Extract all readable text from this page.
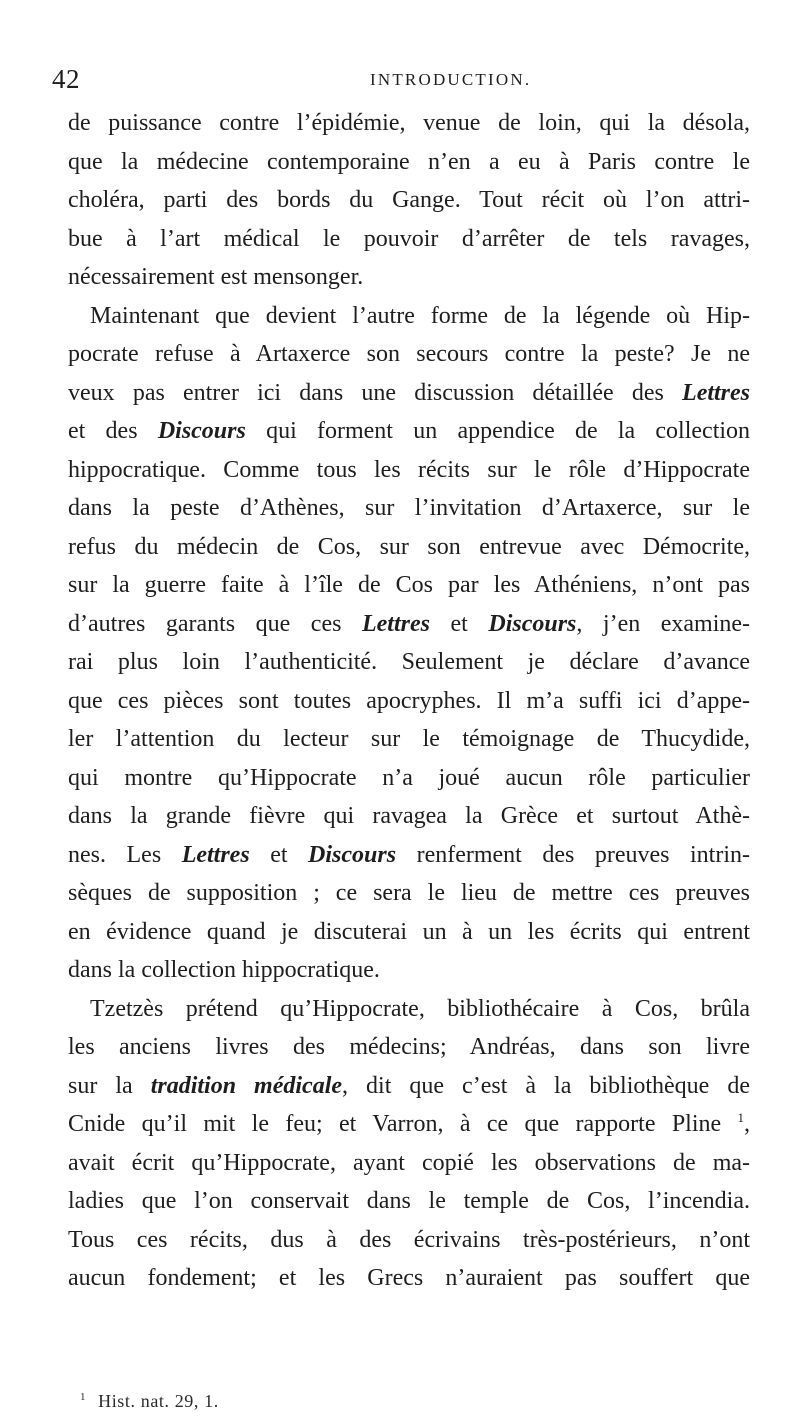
42	INTRODUCTION.
de puissance contre l’épidémie, venue de loin, qui la désola,
que la médecine contemporaine n’en a eu à Paris contre le
choléra, parti des bords du Gange. Tout récit où l’on attri-
bue à l’art médical le pouvoir d’arrêter de tels ravages,
nécessairement est mensonger.
Maintenant que devient l’autre forme de la légende où Hip-
pocrate refuse à Artaxerce son secours contre la peste? Je ne
veux pas entrer ici dans une discussion détaillée des Lettres
et des Discours qui forment un appendice de la collection
hippocratique. Comme tous les récits sur le rôle d’Hippocrate
dans la peste d’Athènes, sur l’invitation d’Artaxerce, sur le
refus du médecin de Cos, sur son entrevue avec Démocrite,
sur la guerre faite à l’île de Cos par les Athéniens, n’ont pas
d’autres garants que ces Lettres et Discours, j’en examine-
rai plus loin l’authenticité. Seulement je déclare d’avance
que ces pièces sont toutes apocryphes. Il m’a suffi ici d’appe-
ler l’attention du lecteur sur le témoignage de Thucydide,
qui montre qu’Hippocrate n’a joué aucun rôle particulier
dans la grande fièvre qui ravagea la Grèce et surtout Athè-
nes. Les Lettres et Discours renferment des preuves intrin-
sèques de supposition ; ce sera le lieu de mettre ces preuves
en évidence quand je discuterai un à un les écrits qui entrent
dans la collection hippocratique.
Tzetzès prétend qu’Hippocrate, bibliothécaire à Cos, brûla
les anciens livres des médecins; Andréas, dans son livre
sur la tradition médicale, dit que c’est à la bibliothèque de
Cnide qu’il mit le feu; et Varron, à ce que rapporte Pline $^1$,
avait écrit qu’Hippocrate, ayant copié les observations de ma-
ladies que l’on conservait dans le temple de Cos, l’incendia.
Tous ces récits, dus à des écrivains très-postérieurs, n’ont
aucun fondement; et les Grecs n’auraient pas souffert que
$^1$ Hist. nat. 29, 1.
